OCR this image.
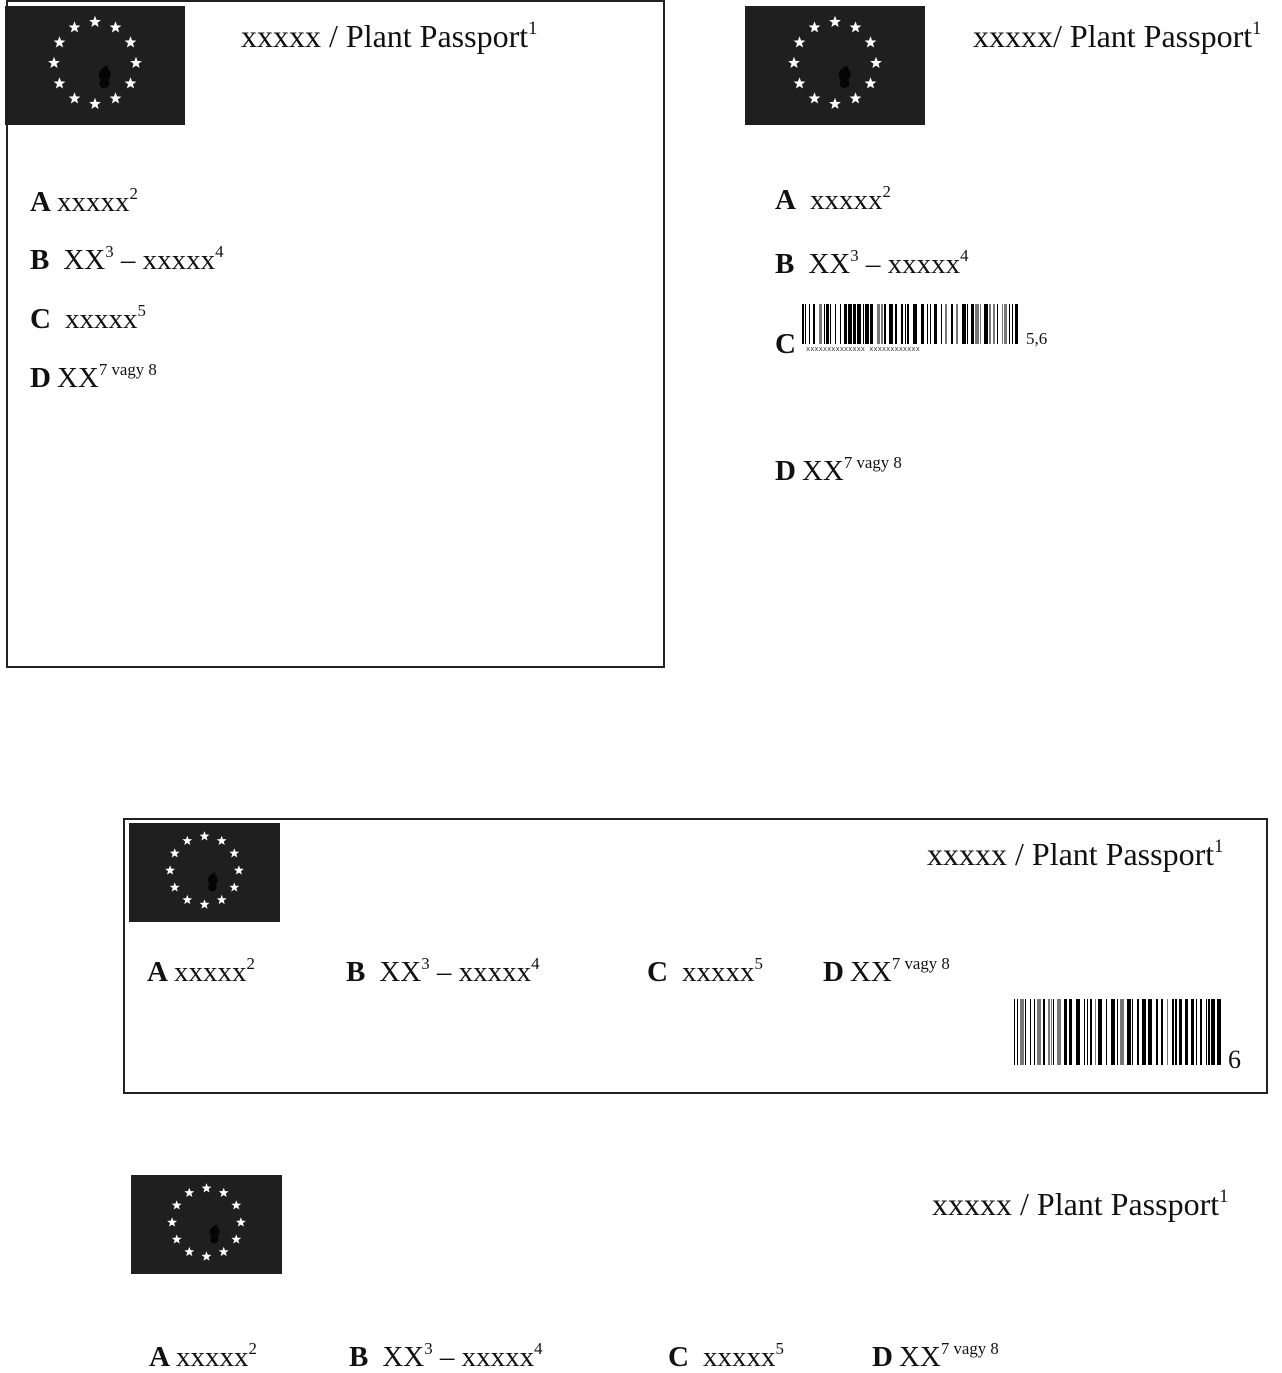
xxxxx / Plant Passport$^1$
A xxxxx$^2$
B $XX^3$ – xxxxx$^4$
C xxxxx$^5$
D $XX^{7 vagy 8}$
xxxxx/ Plant Passport$^1$
A xxxxx$^2$
B $XX^3$ – xxxxx$^4$
C xxxxxxxxxxxxxx xxxxxxxxxxxx
5,6
D $XX^{7 vagy 8}$
xxxxx / Plant Passport$^1$
A xxxxx$^2$	B $XX^3$ – xxxxx$^4$	C xxxxx$^5$ D $XX^{7 vagy 8}$
6
xxxxx / Plant Passport$^1$
A xxxxx$^2$	B $XX^3$ – xxxxx$^4$	C xxxxx$^5$	D $XX^{7 vagy 8}$
